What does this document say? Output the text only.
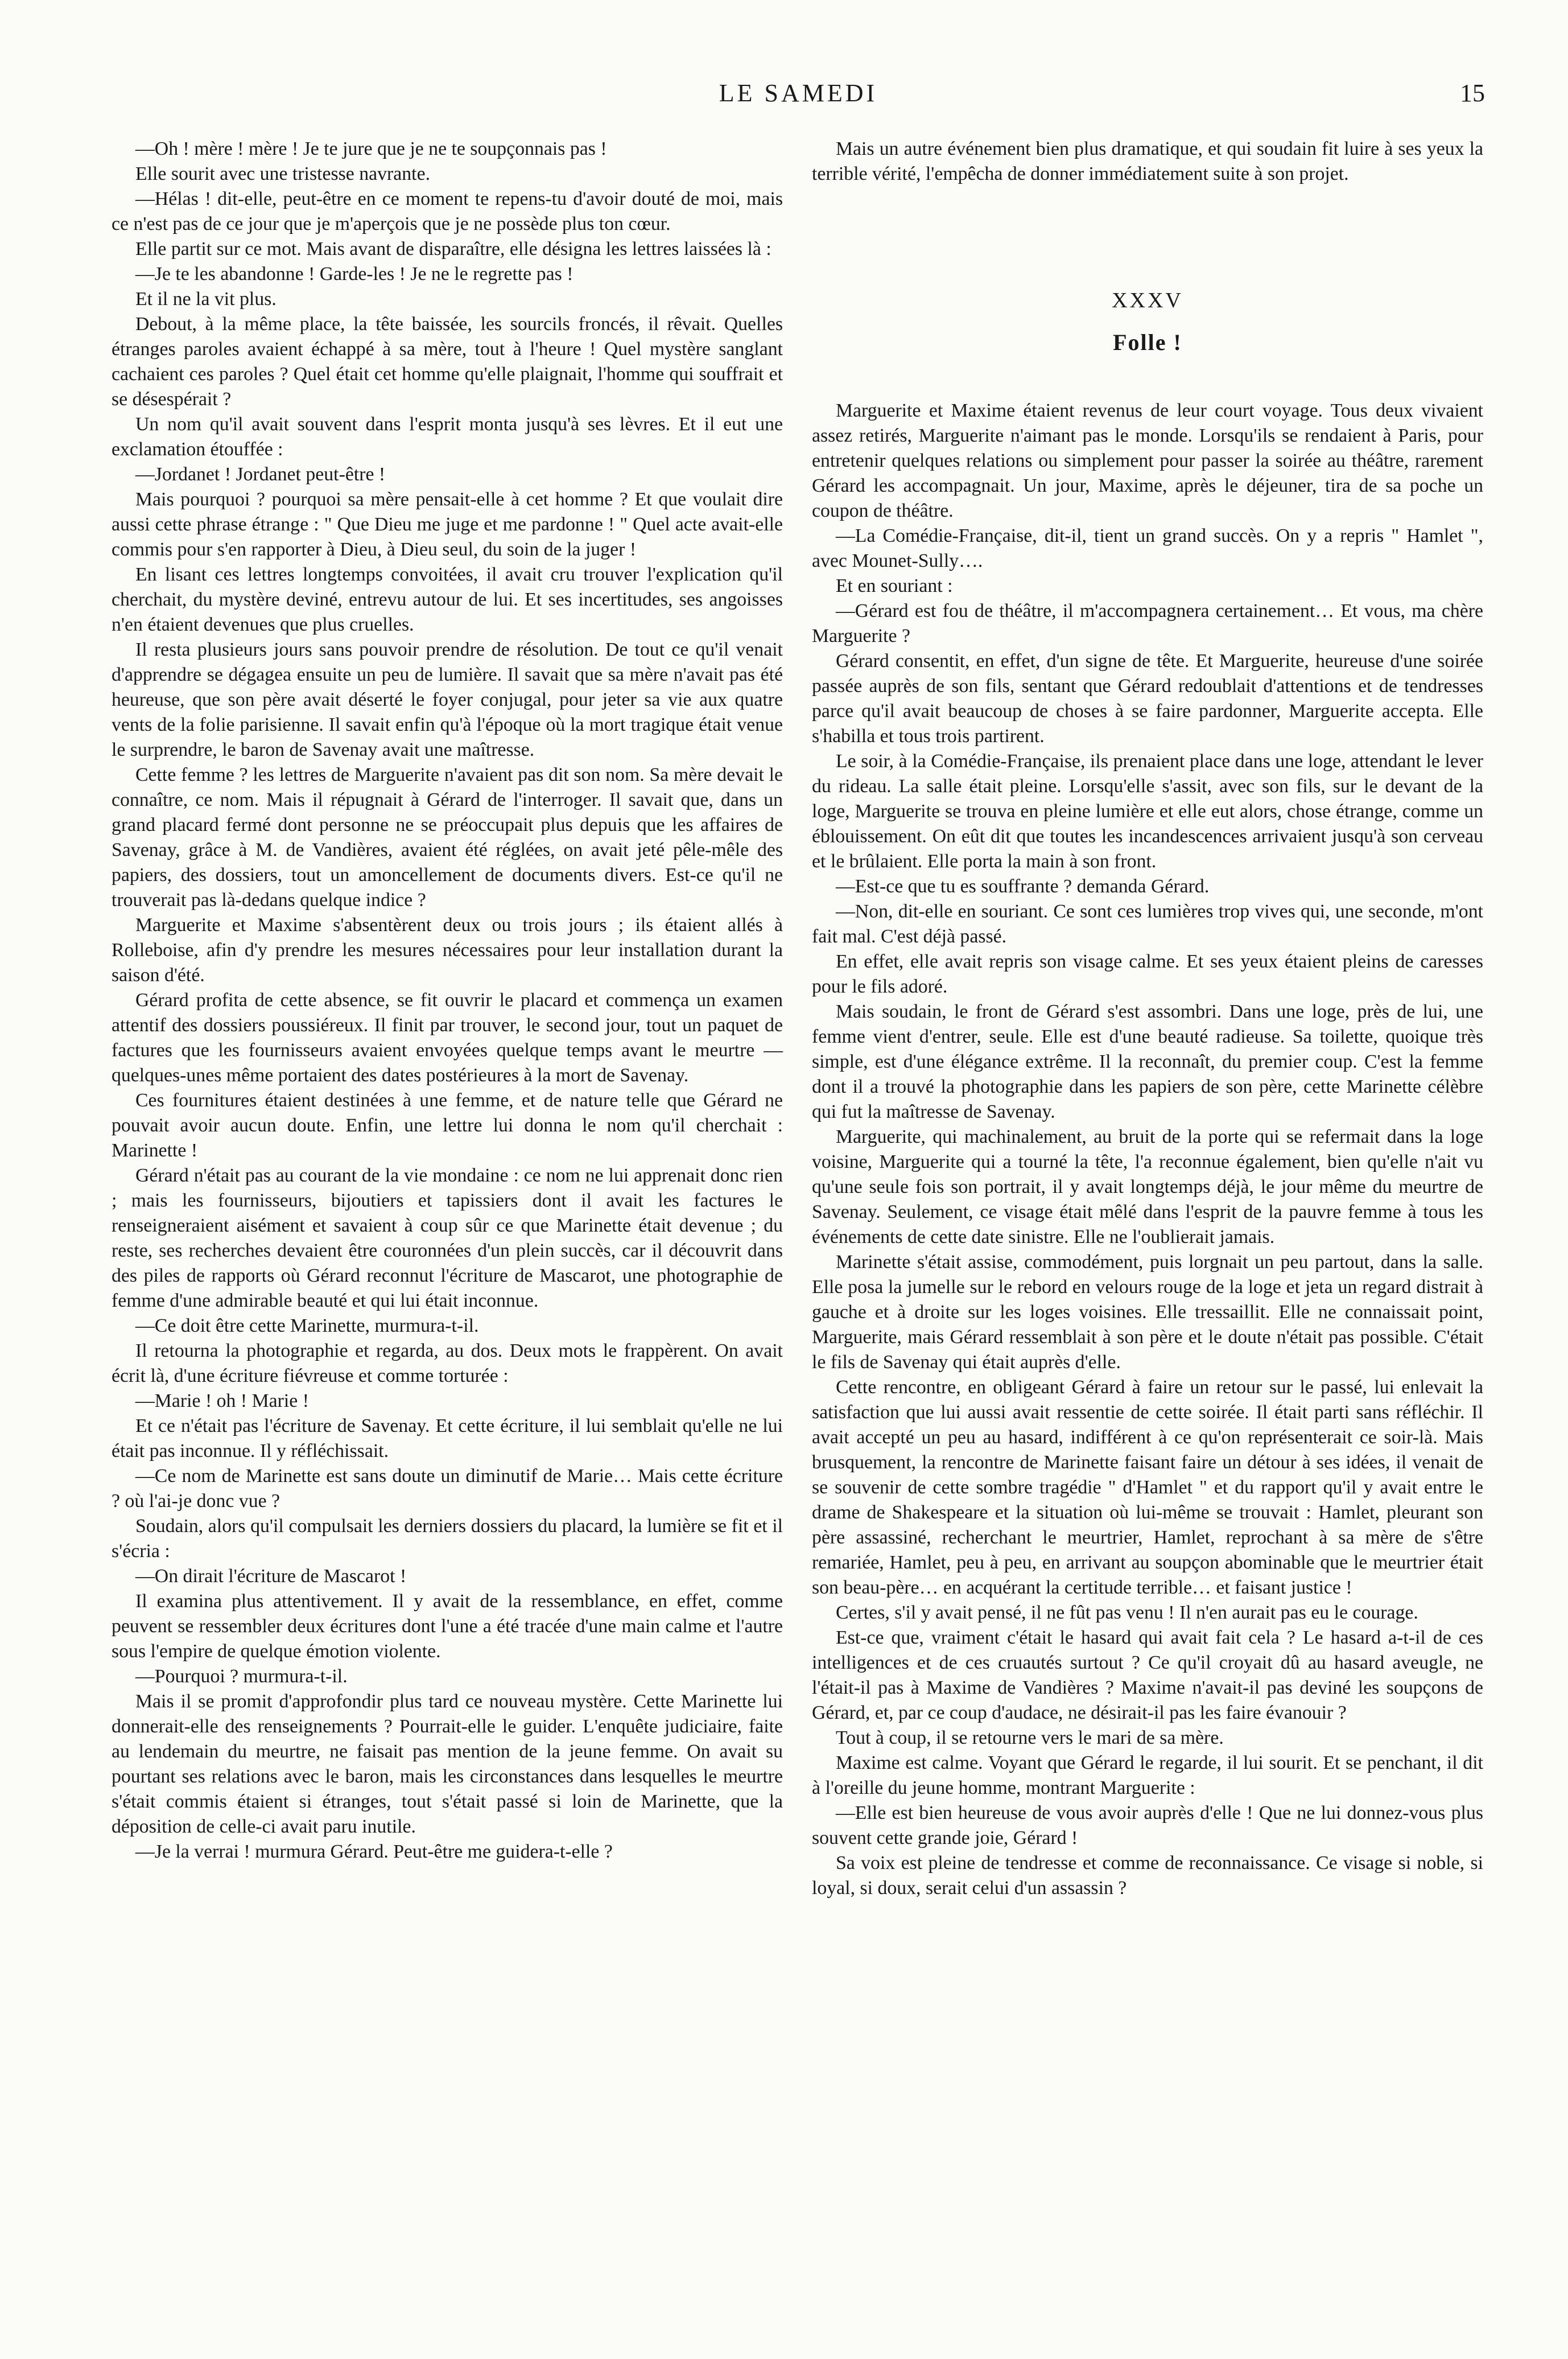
LE SAMEDI	15

—Oh ! mère ! mère ! Je te jure que je ne te soupçonnais pas !

Elle sourit avec une tristesse navrante.

—Hélas ! dit-elle, peut-être en ce moment te repens-tu d'avoir douté de moi, mais ce n'est pas de ce jour que je m'aperçois que je ne possède plus ton cœur.

Elle partit sur ce mot. Mais avant de disparaître, elle désigna les lettres laissées là :

—Je te les abandonne ! Garde-les ! Je ne le regrette pas !

Et il ne la vit plus.

Debout, à la même place, la tête baissée, les sourcils froncés, il rêvait. Quelles étranges paroles avaient échappé à sa mère, tout à l'heure ! Quel mystère sanglant cachaient ces paroles ? Quel était cet homme qu'elle plaignait, l'homme qui souffrait et se désespérait ?

Un nom qu'il avait souvent dans l'esprit monta jusqu'à ses lèvres. Et il eut une exclamation étouffée :

—Jordanet ! Jordanet peut-être !

Mais pourquoi ? pourquoi sa mère pensait-elle à cet homme ? Et que voulait dire aussi cette phrase étrange : " Que Dieu me juge et me pardonne ! " Quel acte avait-elle commis pour s'en rapporter à Dieu, à Dieu seul, du soin de la juger !

En lisant ces lettres longtemps convoitées, il avait cru trouver l'explication qu'il cherchait, du mystère deviné, entrevu autour de lui. Et ses incertitudes, ses angoisses n'en étaient devenues que plus cruelles.

Il resta plusieurs jours sans pouvoir prendre de résolution. De tout ce qu'il venait d'apprendre se dégagea ensuite un peu de lumière. Il savait que sa mère n'avait pas été heureuse, que son père avait déserté le foyer conjugal, pour jeter sa vie aux quatre vents de la folie parisienne. Il savait enfin qu'à l'époque où la mort tragique était venue le surprendre, le baron de Savenay avait une maîtresse.

Cette femme ? les lettres de Marguerite n'avaient pas dit son nom. Sa mère devait le connaître, ce nom. Mais il répugnait à Gérard de l'interroger. Il savait que, dans un grand placard fermé dont personne ne se préoccupait plus depuis que les affaires de Savenay, grâce à M. de Vandières, avaient été réglées, on avait jeté pêle-mêle des papiers, des dossiers, tout un amoncellement de documents divers. Est-ce qu'il ne trouverait pas là-dedans quelque indice ?

Marguerite et Maxime s'absentèrent deux ou trois jours ; ils étaient allés à Rolleboise, afin d'y prendre les mesures nécessaires pour leur installation durant la saison d'été.

Gérard profita de cette absence, se fit ouvrir le placard et commença un examen attentif des dossiers poussiéreux. Il finit par trouver, le second jour, tout un paquet de factures que les fournisseurs avaient envoyées quelque temps avant le meurtre — quelques-unes même portaient des dates postérieures à la mort de Savenay.

Ces fournitures étaient destinées à une femme, et de nature telle que Gérard ne pouvait avoir aucun doute. Enfin, une lettre lui donna le nom qu'il cherchait : Marinette !

Gérard n'était pas au courant de la vie mondaine : ce nom ne lui apprenait donc rien ; mais les fournisseurs, bijoutiers et tapissiers dont il avait les factures le renseigneraient aisément et savaient à coup sûr ce que Marinette était devenue ; du reste, ses recherches devaient être couronnées d'un plein succès, car il découvrit dans des piles de rapports où Gérard reconnut l'écriture de Mascarot, une photographie de femme d'une admirable beauté et qui lui était inconnue.

—Ce doit être cette Marinette, murmura-t-il.

Il retourna la photographie et regarda, au dos. Deux mots le frappèrent. On avait écrit là, d'une écriture fiévreuse et comme torturée :

—Marie ! oh ! Marie !

Et ce n'était pas l'écriture de Savenay. Et cette écriture, il lui semblait qu'elle ne lui était pas inconnue. Il y réfléchissait.

—Ce nom de Marinette est sans doute un diminutif de Marie… Mais cette écriture ? où l'ai-je donc vue ?

Soudain, alors qu'il compulsait les derniers dossiers du placard, la lumière se fit et il s'écria :

—On dirait l'écriture de Mascarot !

Il examina plus attentivement. Il y avait de la ressemblance, en effet, comme peuvent se ressembler deux écritures dont l'une a été tracée d'une main calme et l'autre sous l'empire de quelque émotion violente.

—Pourquoi ? murmura-t-il.

Mais il se promit d'approfondir plus tard ce nouveau mystère. Cette Marinette lui donnerait-elle des renseignements ? Pourrait-elle le guider. L'enquête judiciaire, faite au lendemain du meurtre, ne faisait pas mention de la jeune femme. On avait su pourtant ses relations avec le baron, mais les circonstances dans lesquelles le meurtre s'était commis étaient si étranges, tout s'était passé si loin de Marinette, que la déposition de celle-ci avait paru inutile.

—Je la verrai ! murmura Gérard. Peut-être me guidera-t-elle ?

Mais un autre événement bien plus dramatique, et qui soudain fit luire à ses yeux la terrible vérité, l'empêcha de donner immédiatement suite à son projet.

XXXV
Folle !

Marguerite et Maxime étaient revenus de leur court voyage. Tous deux vivaient assez retirés, Marguerite n'aimant pas le monde. Lorsqu'ils se rendaient à Paris, pour entretenir quelques relations ou simplement pour passer la soirée au théâtre, rarement Gérard les accompagnait. Un jour, Maxime, après le déjeuner, tira de sa poche un coupon de théâtre.

—La Comédie-Française, dit-il, tient un grand succès. On y a repris " Hamlet ", avec Mounet-Sully….

Et en souriant :

—Gérard est fou de théâtre, il m'accompagnera certainement… Et vous, ma chère Marguerite ?

Gérard consentit, en effet, d'un signe de tête. Et Marguerite, heureuse d'une soirée passée auprès de son fils, sentant que Gérard redoublait d'attentions et de tendresses parce qu'il avait beaucoup de choses à se faire pardonner, Marguerite accepta. Elle s'habilla et tous trois partirent.

Le soir, à la Comédie-Française, ils prenaient place dans une loge, attendant le lever du rideau. La salle était pleine. Lorsqu'elle s'assit, avec son fils, sur le devant de la loge, Marguerite se trouva en pleine lumière et elle eut alors, chose étrange, comme un éblouissement. On eût dit que toutes les incandescences arrivaient jusqu'à son cerveau et le brûlaient. Elle porta la main à son front.

—Est-ce que tu es souffrante ? demanda Gérard.

—Non, dit-elle en souriant. Ce sont ces lumières trop vives qui, une seconde, m'ont fait mal. C'est déjà passé.

En effet, elle avait repris son visage calme. Et ses yeux étaient pleins de caresses pour le fils adoré.

Mais soudain, le front de Gérard s'est assombri. Dans une loge, près de lui, une femme vient d'entrer, seule. Elle est d'une beauté radieuse. Sa toilette, quoique très simple, est d'une élégance extrême. Il la reconnaît, du premier coup. C'est la femme dont il a trouvé la photographie dans les papiers de son père, cette Marinette célèbre qui fut la maîtresse de Savenay.

Marguerite, qui machinalement, au bruit de la porte qui se refermait dans la loge voisine, Marguerite qui a tourné la tête, l'a reconnue également, bien qu'elle n'ait vu qu'une seule fois son portrait, il y avait longtemps déjà, le jour même du meurtre de Savenay. Seulement, ce visage était mêlé dans l'esprit de la pauvre femme à tous les événements de cette date sinistre. Elle ne l'oublierait jamais.

Marinette s'était assise, commodément, puis lorgnait un peu partout, dans la salle. Elle posa la jumelle sur le rebord en velours rouge de la loge et jeta un regard distrait à gauche et à droite sur les loges voisines. Elle tressaillit. Elle ne connaissait point, Marguerite, mais Gérard ressemblait à son père et le doute n'était pas possible. C'était le fils de Savenay qui était auprès d'elle.

Cette rencontre, en obligeant Gérard à faire un retour sur le passé, lui enlevait la satisfaction que lui aussi avait ressentie de cette soirée. Il était parti sans réfléchir. Il avait accepté un peu au hasard, indifférent à ce qu'on représenterait ce soir-là. Mais brusquement, la rencontre de Marinette faisant faire un détour à ses idées, il venait de se souvenir de cette sombre tragédie " d'Hamlet " et du rapport qu'il y avait entre le drame de Shakespeare et la situation où lui-même se trouvait : Hamlet, pleurant son père assassiné, recherchant le meurtrier, Hamlet, reprochant à sa mère de s'être remariée, Hamlet, peu à peu, en arrivant au soupçon abominable que le meurtrier était son beau-père… en acquérant la certitude terrible… et faisant justice !

Certes, s'il y avait pensé, il ne fût pas venu ! Il n'en aurait pas eu le courage.

Est-ce que, vraiment c'était le hasard qui avait fait cela ? Le hasard a-t-il de ces intelligences et de ces cruautés surtout ? Ce qu'il croyait dû au hasard aveugle, ne l'était-il pas à Maxime de Vandières ? Maxime n'avait-il pas deviné les soupçons de Gérard, et, par ce coup d'audace, ne désirait-il pas les faire évanouir ?

Tout à coup, il se retourne vers le mari de sa mère.

Maxime est calme. Voyant que Gérard le regarde, il lui sourit. Et se penchant, il dit à l'oreille du jeune homme, montrant Marguerite :

—Elle est bien heureuse de vous avoir auprès d'elle ! Que ne lui donnez-vous plus souvent cette grande joie, Gérard !

Sa voix est pleine de tendresse et comme de reconnaissance. Ce visage si noble, si loyal, si doux, serait celui d'un assassin ?
